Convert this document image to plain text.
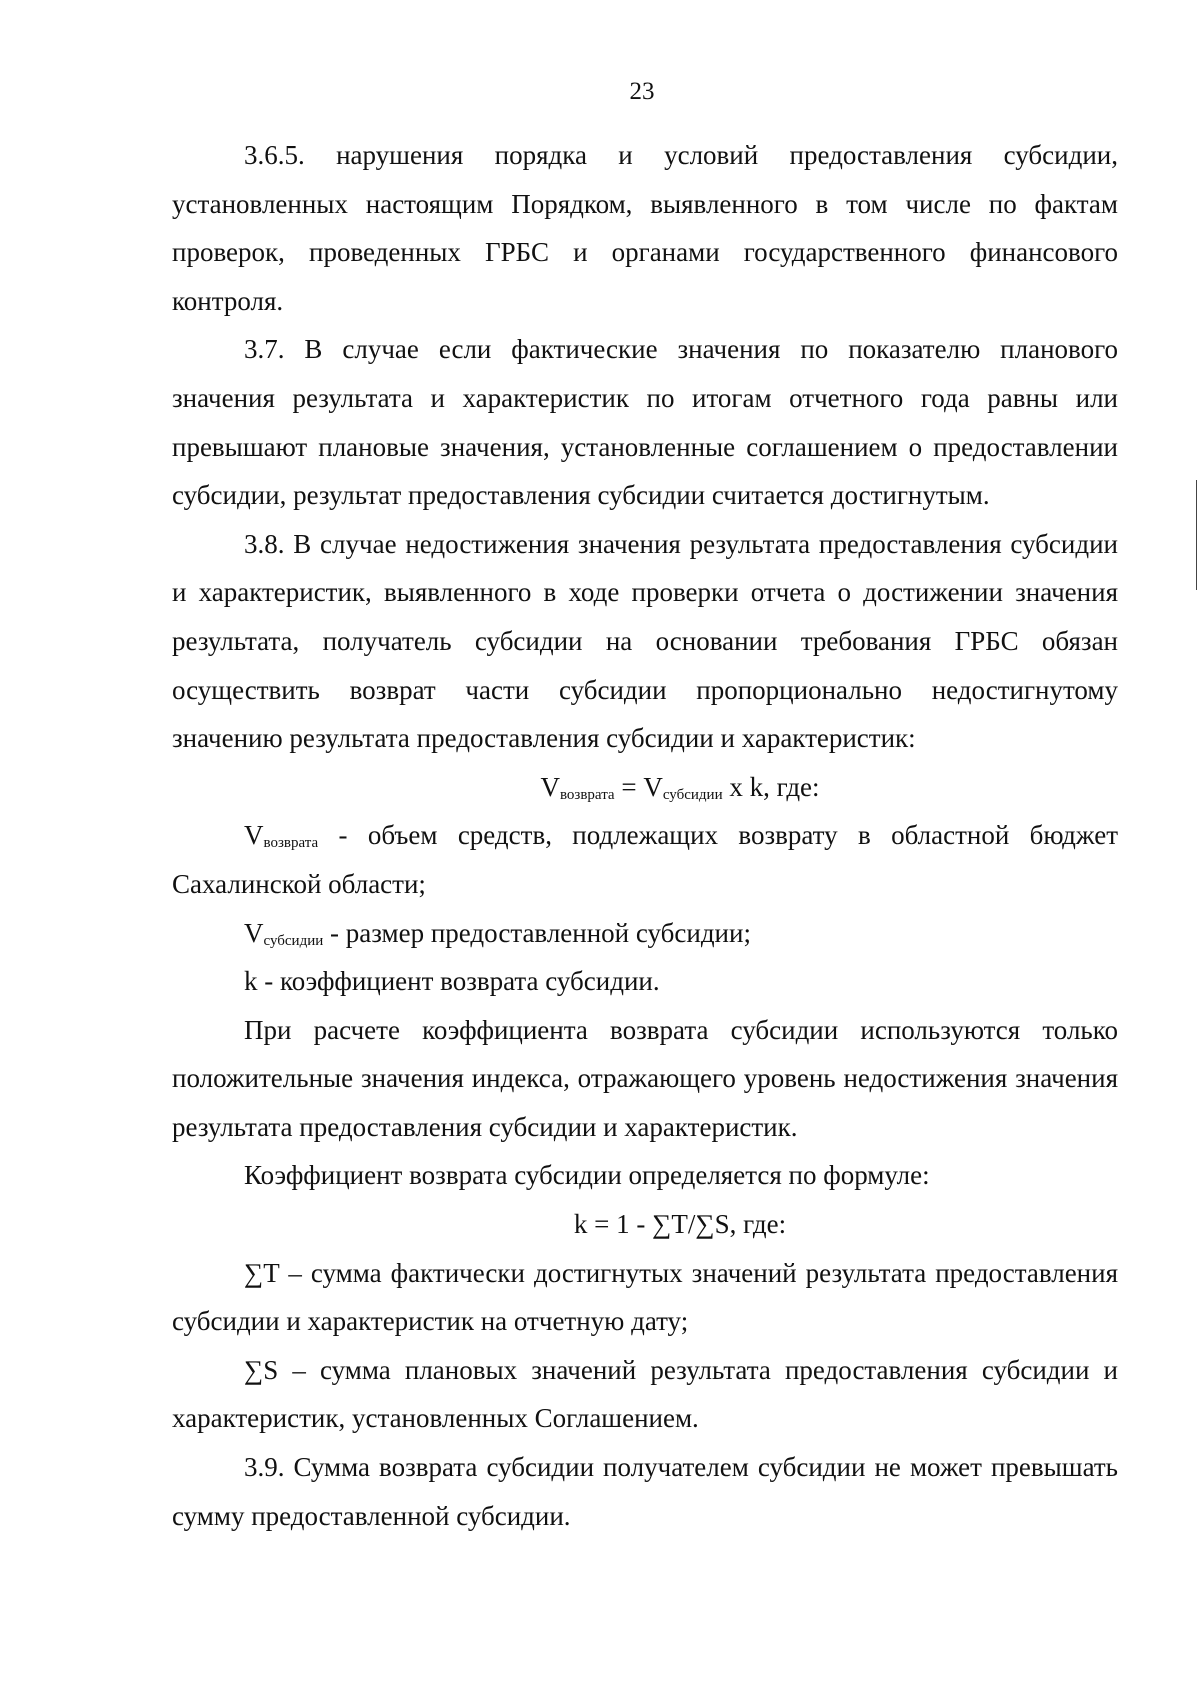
23

3.6.5. нарушения порядка и условий предоставления субсидии, установленных настоящим Порядком, выявленного в том числе по фактам проверок, проведенных ГРБС и органами государственного финансового контроля.

3.7. В случае если фактические значения по показателю планового значения результата и характеристик по итогам отчетного года равны или превышают плановые значения, установленные соглашением о предоставлении субсидии, результат предоставления субсидии считается достигнутым.

3.8. В случае недостижения значения результата предоставления субсидии и характеристик, выявленного в ходе проверки отчета о достижении значения результата, получатель субсидии на основании требования ГРБС обязан осуществить возврат части субсидии пропорционально недостигнутому значению результата предоставления субсидии и характеристик:

$V_{возврата} = V_{субсидии}$ x k, где:

$V_{возврата}$ - объем средств, подлежащих возврату в областной бюджет Сахалинской области;

$V_{субсидии}$ - размер предоставленной субсидии;

k - коэффициент возврата субсидии.

При расчете коэффициента возврата субсидии используются только положительные значения индекса, отражающего уровень недостижения значения результата предоставления субсидии и характеристик.

Коэффициент возврата субсидии определяется по формуле:

k = 1 - ∑T/∑S, где:

∑T – сумма фактически достигнутых значений результата предоставления субсидии и характеристик на отчетную дату;

∑S – сумма плановых значений результата предоставления субсидии и характеристик, установленных Соглашением.

3.9. Сумма возврата субсидии получателем субсидии не может превышать сумму предоставленной субсидии.
